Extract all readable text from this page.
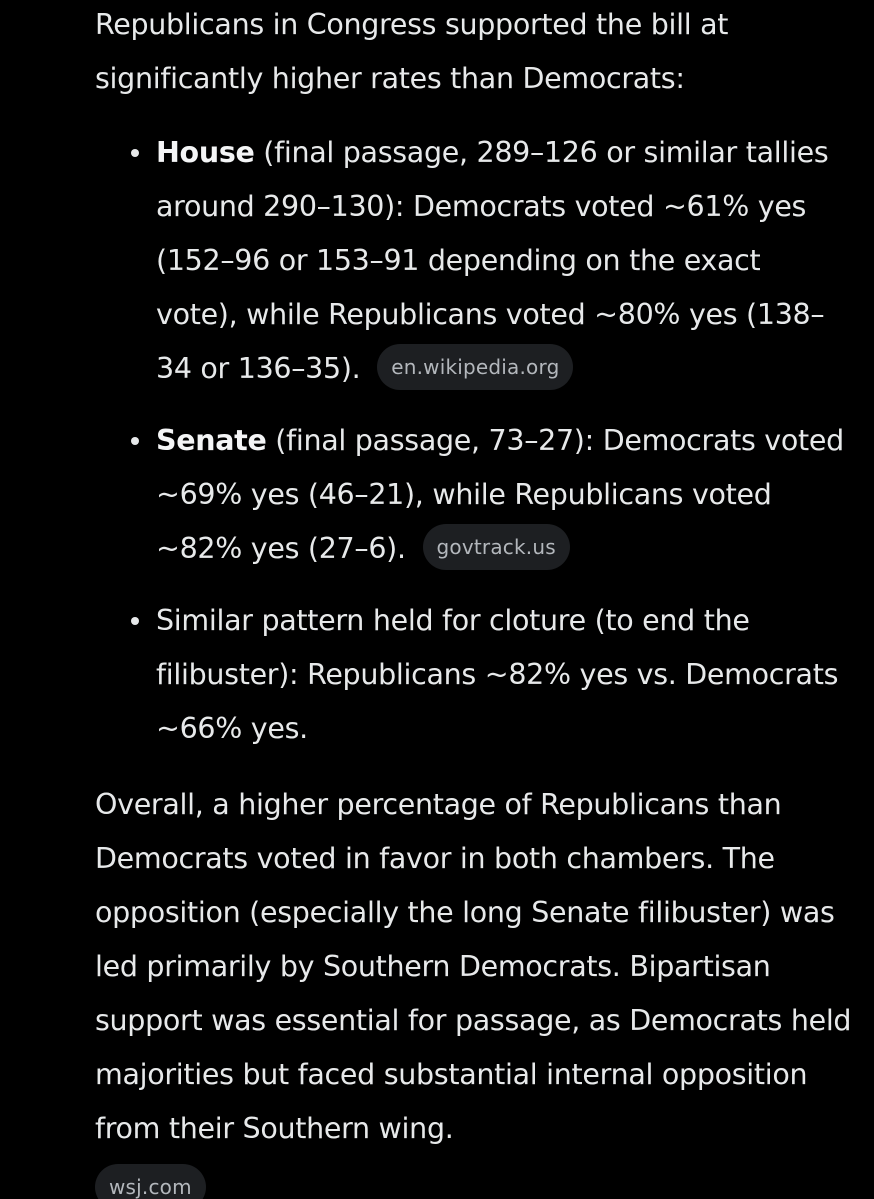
Republicans in Congress supported the bill at significantly higher rates than Democrats:

House (final passage, 289–126 or similar tallies around 290–130): Democrats voted ~61% yes (152–96 or 153–91 depending on the exact vote), while Republicans voted ~80% yes (138–34 or 136–35). en.wikipedia.org
Senate (final passage, 73–27): Democrats voted ~69% yes (46–21), while Republicans voted ~82% yes (27–6). govtrack.us
Similar pattern held for cloture (to end the filibuster): Republicans ~82% yes vs. Democrats ~66% yes.

Overall, a higher percentage of Republicans than Democrats voted in favor in both chambers. The opposition (especially the long Senate filibuster) was led primarily by Southern Democrats. Bipartisan support was essential for passage, as Democrats held majorities but faced substantial internal opposition from their Southern wing.

wsj.com
